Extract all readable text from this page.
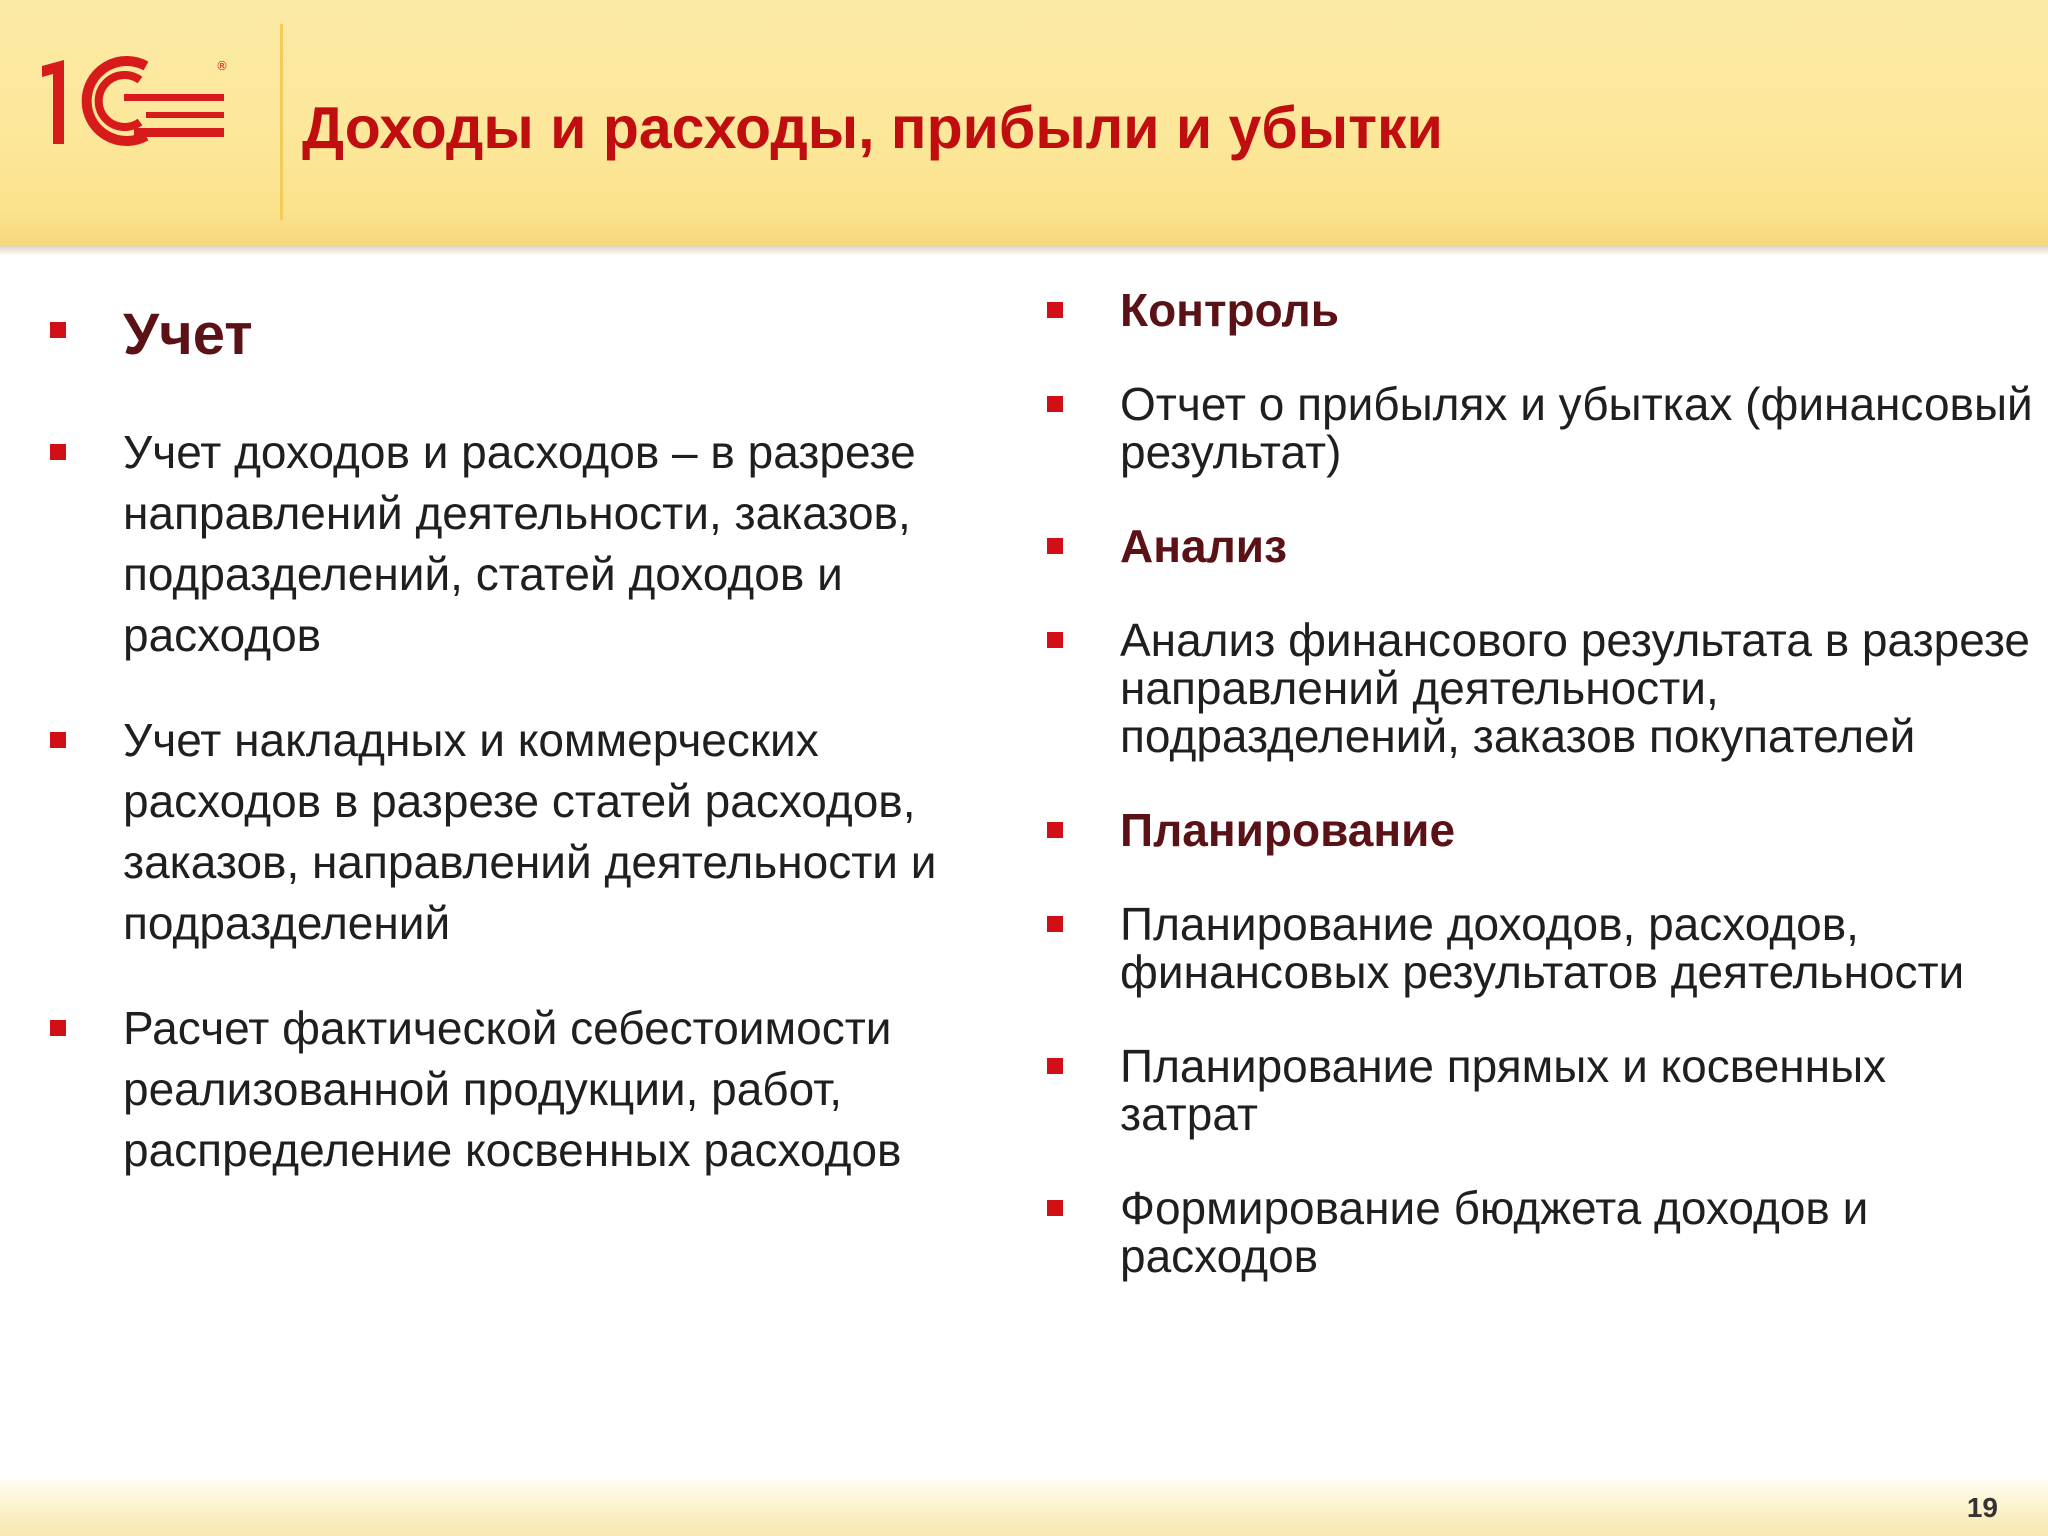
®
Доходы и расходы, прибыли и убытки
Учет
Учет доходов и расходов – в разрезе направлений деятельности, заказов, подразделений, статей доходов и расходов
Учет накладных и коммерческих расходов в разрезе статей расходов, заказов, направлений деятельности и подразделений
Расчет фактической себестоимости реализованной продукции, работ, распределение косвенных расходов
Контроль
Отчет о прибылях и убытках (финансовый результат)
Анализ
Анализ финансового результата в разрезе направлений деятельности, подразделений, заказов покупателей
Планирование
Планирование доходов, расходов, финансовых результатов деятельности
Планирование прямых и косвенных затрат
Формирование бюджета доходов и расходов
19
